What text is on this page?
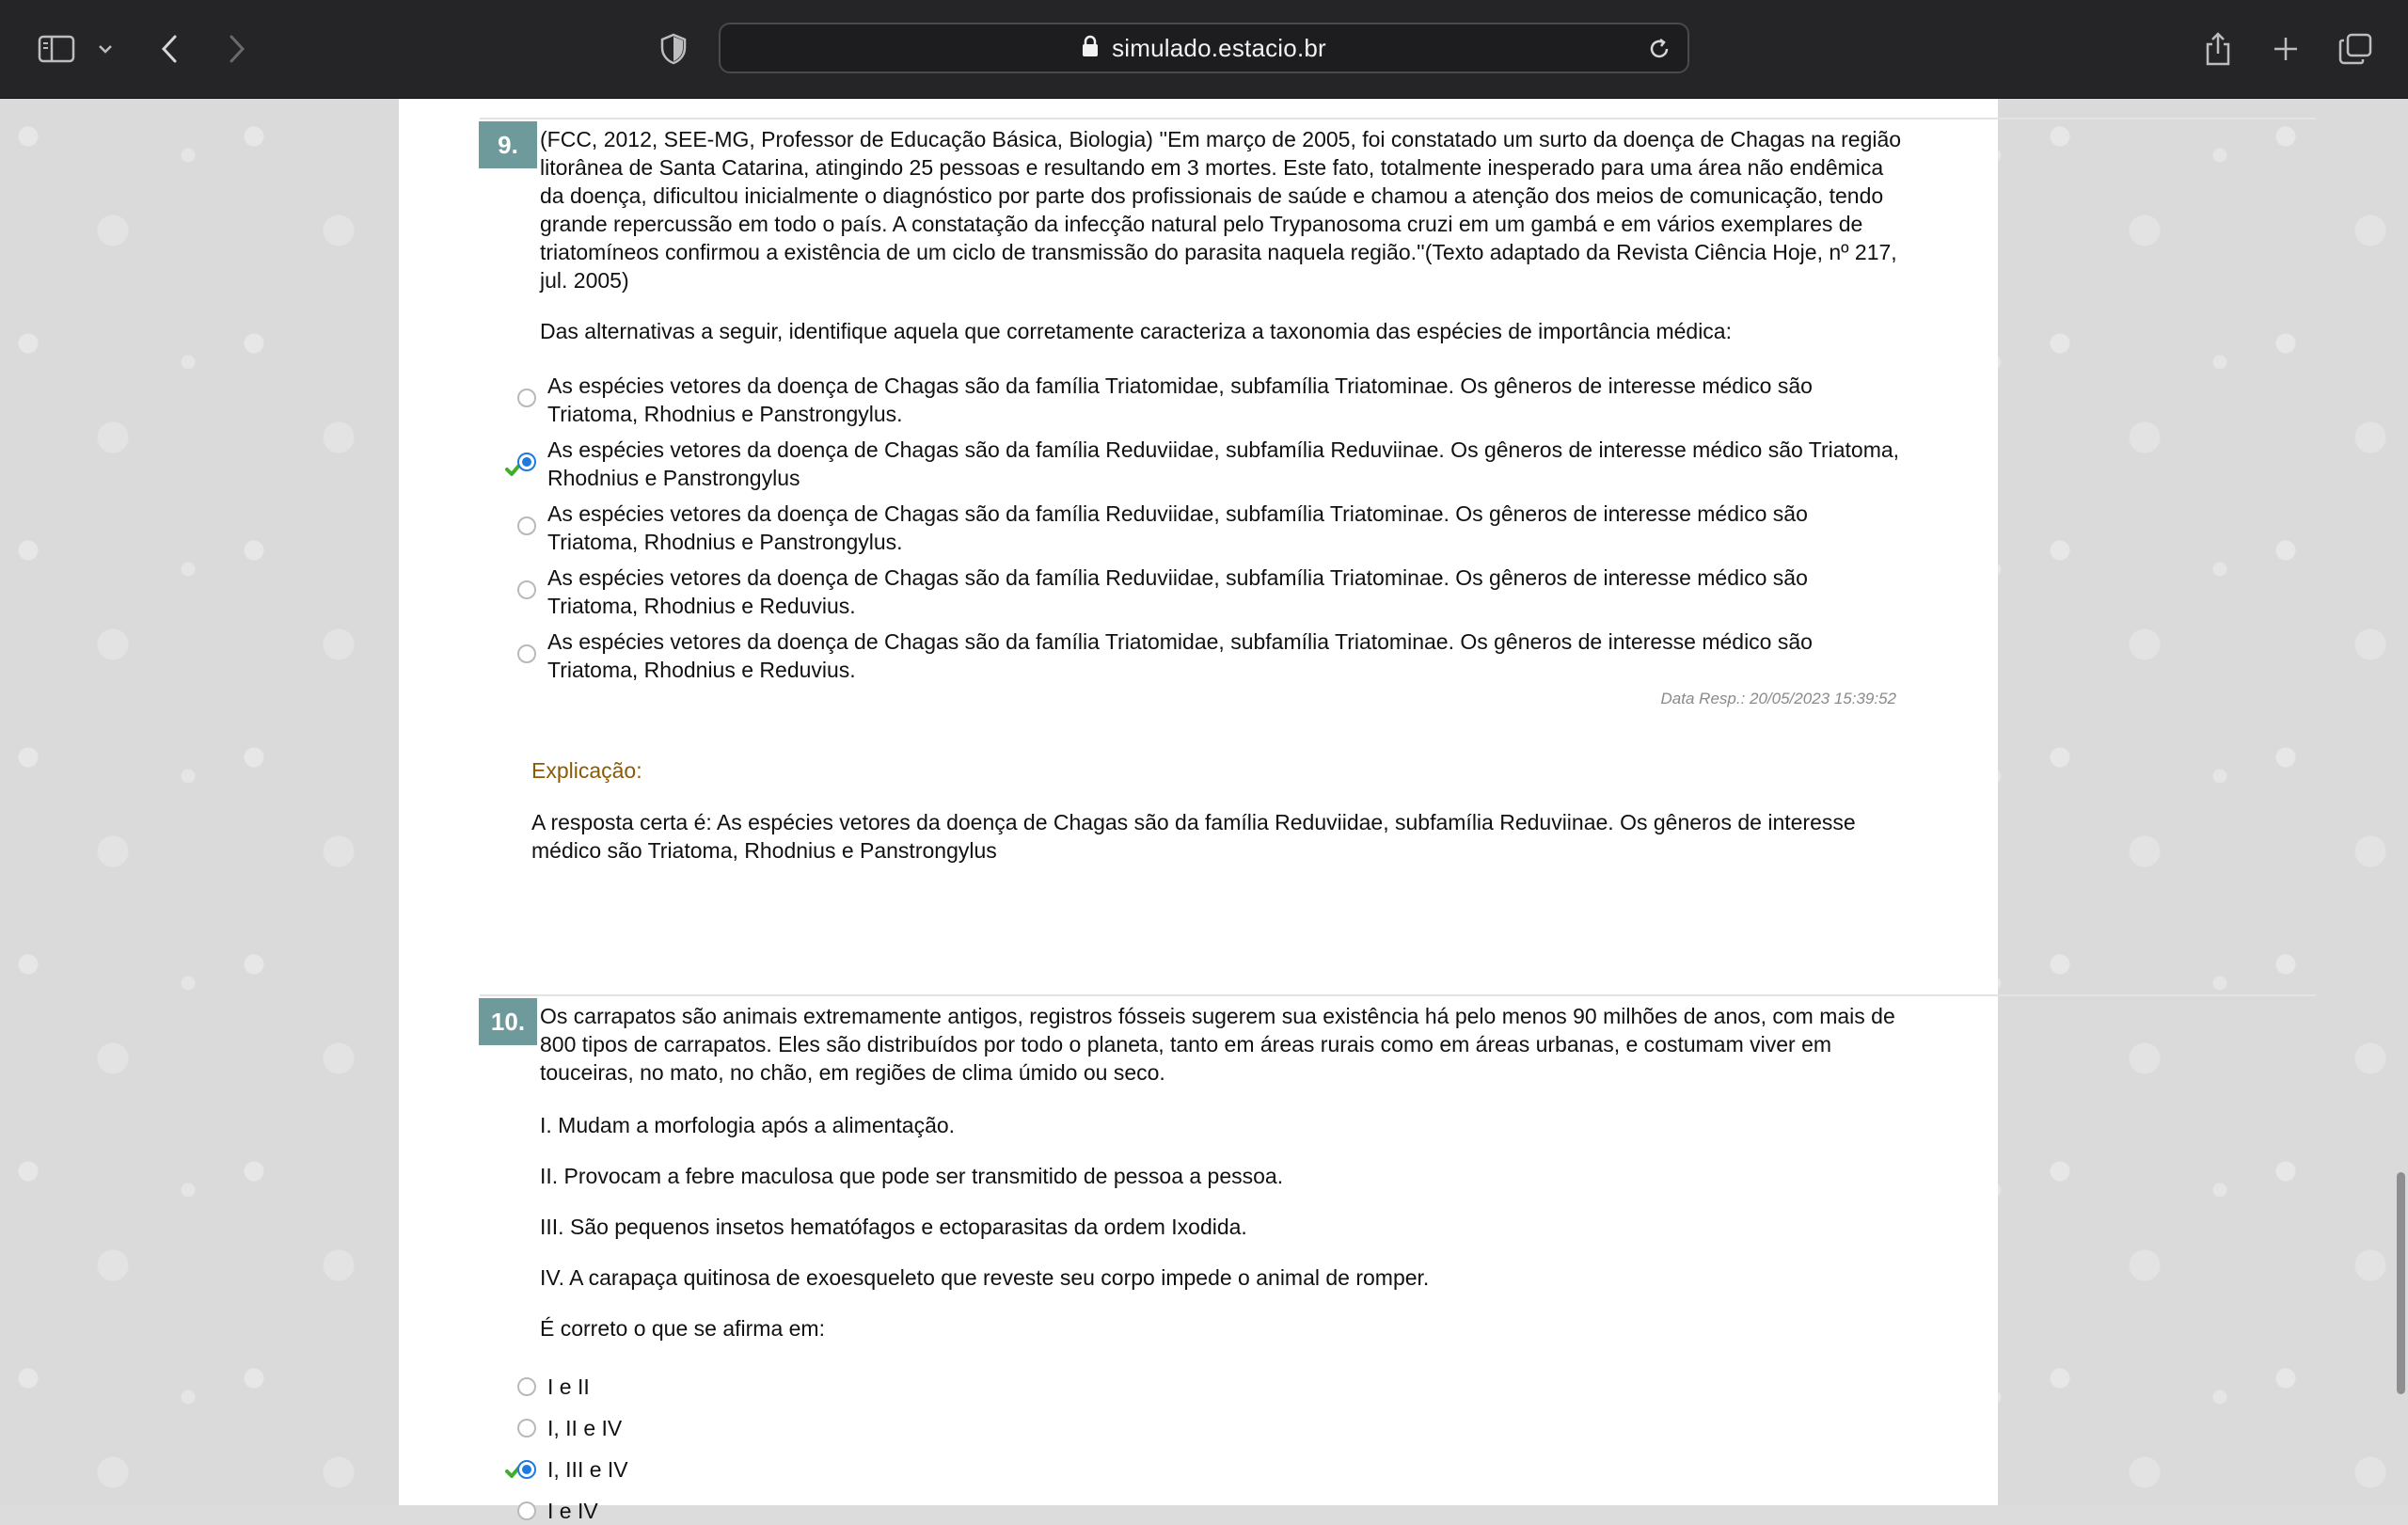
simulado.estacio.br
9.	(FCC, 2012, SEE-MG, Professor de Educação Básica, Biologia) ''Em março de 2005, foi constatado um surto da doença de Chagas na região litorânea de Santa Catarina, atingindo 25 pessoas e resultando em 3 mortes. Este fato, totalmente inesperado para uma área não endêmica da doença, dificultou inicialmente o diagnóstico por parte dos profissionais de saúde e chamou a atenção dos meios de comunicação, tendo grande repercussão em todo o país. A constatação da infecção natural pelo Trypanosoma cruzi em um gambá e em vários exemplares de triatomíneos confirmou a existência de um ciclo de transmissão do parasita naquela região.''(Texto adaptado da Revista Ciência Hoje, nº 217, jul. 2005)
Das alternativas a seguir, identifique aquela que corretamente caracteriza a taxonomia das espécies de importância médica:
As espécies vetores da doença de Chagas são da família Triatomidae, subfamília Triatominae. Os gêneros de interesse médico são Triatoma, Rhodnius e Panstrongylus.
As espécies vetores da doença de Chagas são da família Reduviidae, subfamília Reduviinae. Os gêneros de interesse médico são Triatoma, Rhodnius e Panstrongylus
As espécies vetores da doença de Chagas são da família Reduviidae, subfamília Triatominae. Os gêneros de interesse médico são Triatoma, Rhodnius e Panstrongylus.
As espécies vetores da doença de Chagas são da família Reduviidae, subfamília Triatominae. Os gêneros de interesse médico são Triatoma, Rhodnius e Reduvius.
As espécies vetores da doença de Chagas são da família Triatomidae, subfamília Triatominae. Os gêneros de interesse médico são Triatoma, Rhodnius e Reduvius.
Data Resp.: 20/05/2023 15:39:52
Explicação:
A resposta certa é: As espécies vetores da doença de Chagas são da família Reduviidae, subfamília Reduviinae. Os gêneros de interesse médico são Triatoma, Rhodnius e Panstrongylus
10. Os carrapatos são animais extremamente antigos, registros fósseis sugerem sua existência há pelo menos 90 milhões de anos, com mais de 800 tipos de carrapatos. Eles são distribuídos por todo o planeta, tanto em áreas rurais como em áreas urbanas, e costumam viver em touceiras, no mato, no chão, em regiões de clima úmido ou seco.
I. Mudam a morfologia após a alimentação.
II. Provocam a febre maculosa que pode ser transmitido de pessoa a pessoa.
III. São pequenos insetos hematófagos e ectoparasitas da ordem Ixodida.
IV. A carapaça quitinosa de exoesqueleto que reveste seu corpo impede o animal de romper.
É correto o que se afirma em:
I e II
I, II e IV
I, III e IV
I e IV
